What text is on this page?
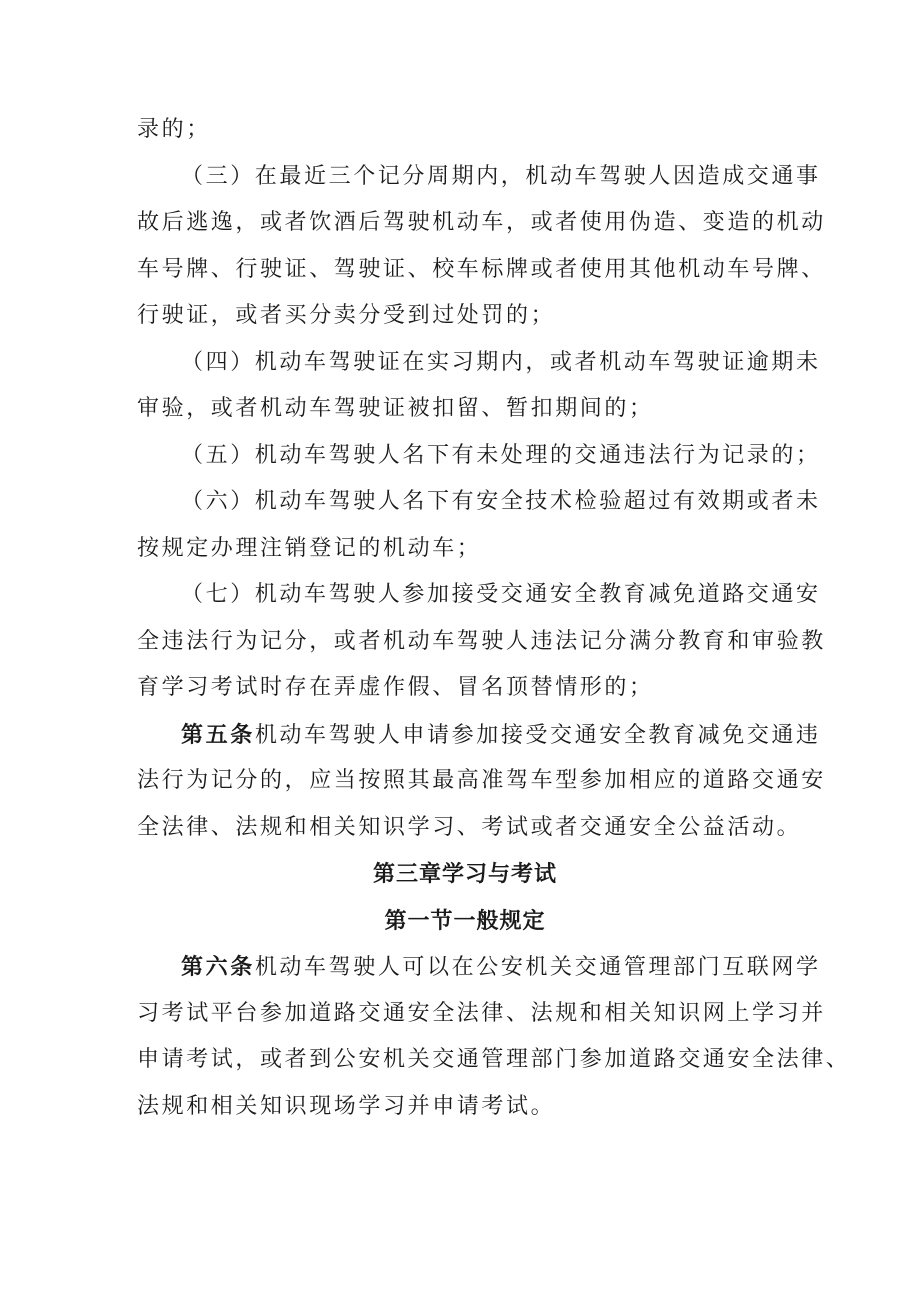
录的；
（三）在最近三个记分周期内，机动车驾驶人因造成交通事
故后逃逸，或者饮酒后驾驶机动车，或者使用伪造、变造的机动
车号牌、行驶证、驾驶证、校车标牌或者使用其他机动车号牌、
行驶证，或者买分卖分受到过处罚的；
（四）机动车驾驶证在实习期内，或者机动车驾驶证逾期未
审验，或者机动车驾驶证被扣留、暂扣期间的；
（五）机动车驾驶人名下有未处理的交通违法行为记录的；
（六）机动车驾驶人名下有安全技术检验超过有效期或者未
按规定办理注销登记的机动车；
（七）机动车驾驶人参加接受交通安全教育减免道路交通安
全违法行为记分，或者机动车驾驶人违法记分满分教育和审验教
育学习考试时存在弄虚作假、冒名顶替情形的；
第五条机动车驾驶人申请参加接受交通安全教育减免交通违
法行为记分的，应当按照其最高准驾车型参加相应的道路交通安
全法律、法规和相关知识学习、考试或者交通安全公益活动。
第三章学习与考试
第一节一般规定
第六条机动车驾驶人可以在公安机关交通管理部门互联网学
习考试平台参加道路交通安全法律、法规和相关知识网上学习并
申请考试，或者到公安机关交通管理部门参加道路交通安全法律、
法规和相关知识现场学习并申请考试。
